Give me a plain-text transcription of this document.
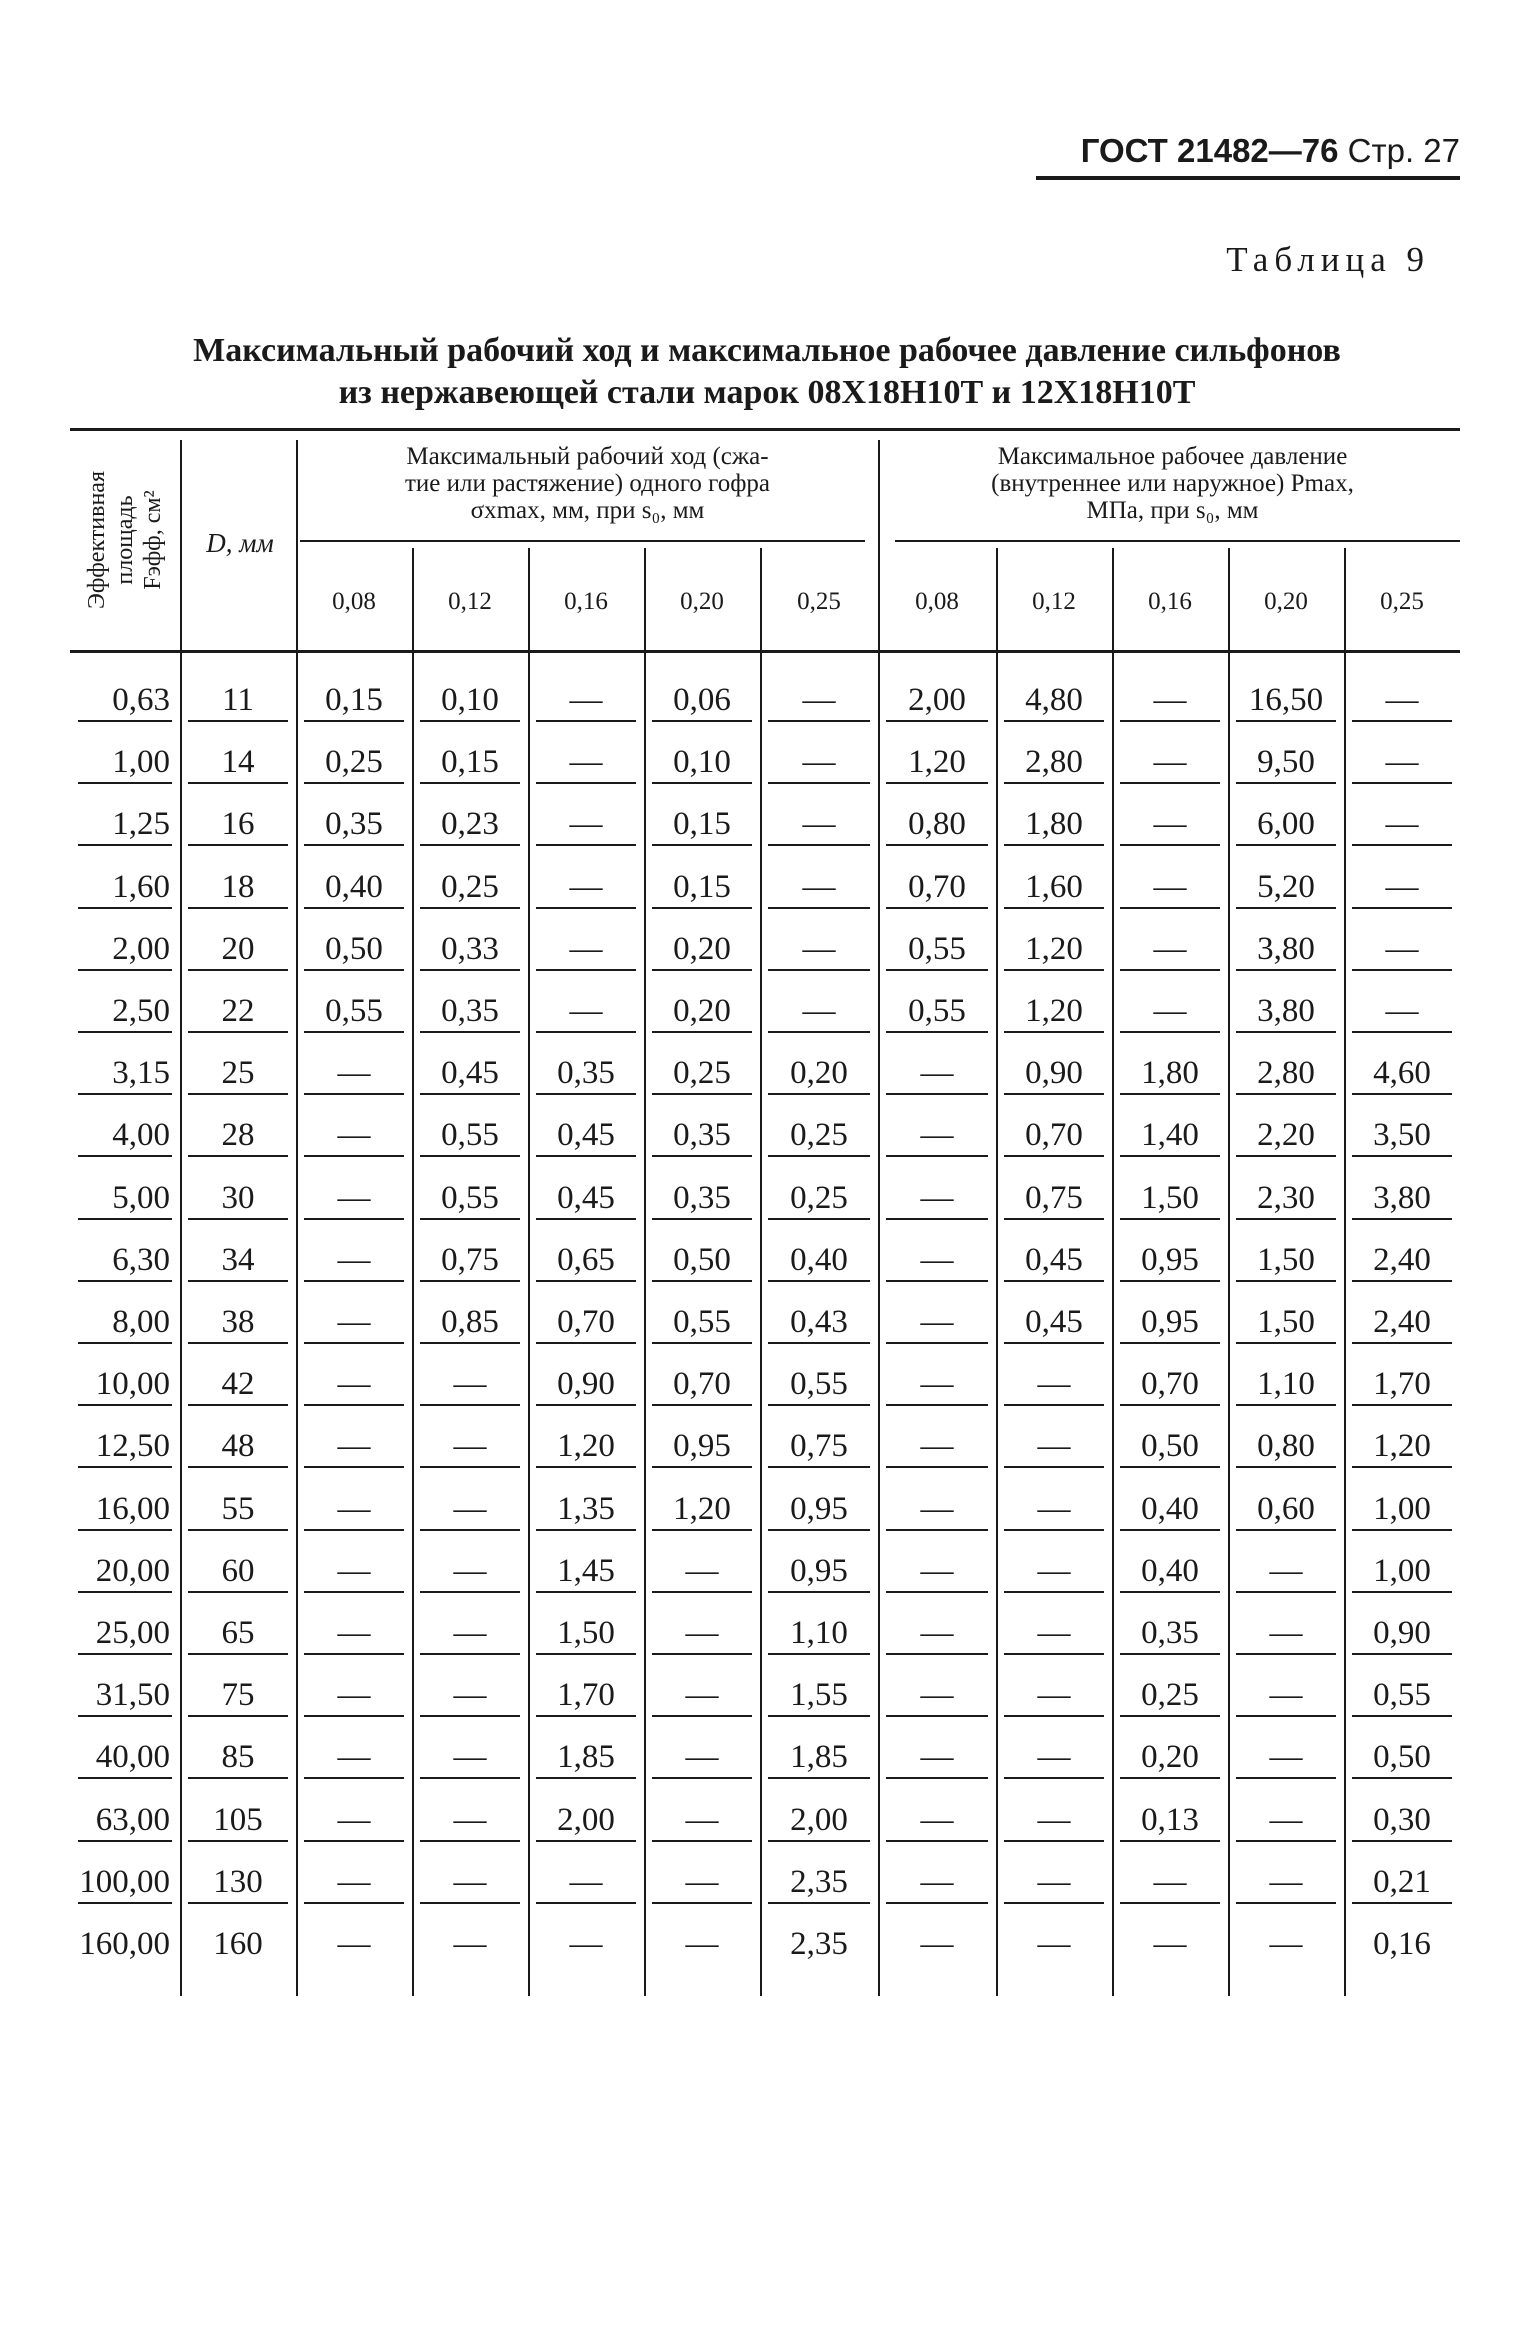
ГОСТ 21482—76 Стр. 27
Таблица 9
Максимальный рабочий ход и максимальное рабочее давление сильфонов
из нержавеющей стали марок 08Х18Н10Т и 12Х18Н10Т
Эффективная площадь Fэфф, см²	D, мм
Максимальный рабочий ход (сжа-
тие или растяжение) одного гофра
σxmax, мм, при s₀, мм
Максимальное рабочее давление
(внутреннее или наружное) Pmax,
МПа, при s₀, мм
0,08	0,12	0,16	0,20	0,25	0,08	0,12	0,16	0,20	0,25
0,63	11	0,15	0,10	—	0,06	—	2,00	4,80	—	16,50	—
1,00	14	0,25	0,15	—	0,10	—	1,20	2,80	—	9,50	—
1,25	16	0,35	0,23	—	0,15	—	0,80	1,80	—	6,00	—
1,60	18	0,40	0,25	—	0,15	—	0,70	1,60	—	5,20	—
2,00	20	0,50	0,33	—	0,20	—	0,55	1,20	—	3,80	—
2,50	22	0,55	0,35	—	0,20	—	0,55	1,20	—	3,80	—
3,15	25	—	0,45	0,35	0,25	0,20	—	0,90	1,80	2,80	4,60
4,00	28	—	0,55	0,45	0,35	0,25	—	0,70	1,40	2,20	3,50
5,00	30	—	0,55	0,45	0,35	0,25	—	0,75	1,50	2,30	3,80
6,30	34	—	0,75	0,65	0,50	0,40	—	0,45	0,95	1,50	2,40
8,00	38	—	0,85	0,70	0,55	0,43	—	0,45	0,95	1,50	2,40
10,00	42	—	—	0,90	0,70	0,55	—	—	0,70	1,10	1,70
12,50	48	—	—	1,20	0,95	0,75	—	—	0,50	0,80	1,20
16,00	55	—	—	1,35	1,20	0,95	—	—	0,40	0,60	1,00
20,00	60	—	—	1,45	—	0,95	—	—	0,40	—	1,00
25,00	65	—	—	1,50	—	1,10	—	—	0,35	—	0,90
31,50	75	—	—	1,70	—	1,55	—	—	0,25	—	0,55
40,00	85	—	—	1,85	—	1,85	—	—	0,20	—	0,50
63,00	105	—	—	2,00	—	2,00	—	—	0,13	—	0,30
100,00	130	—	—	—	—	2,35	—	—	—	—	0,21
160,00	160	—	—	—	—	2,35	—	—	—	—	0,16
